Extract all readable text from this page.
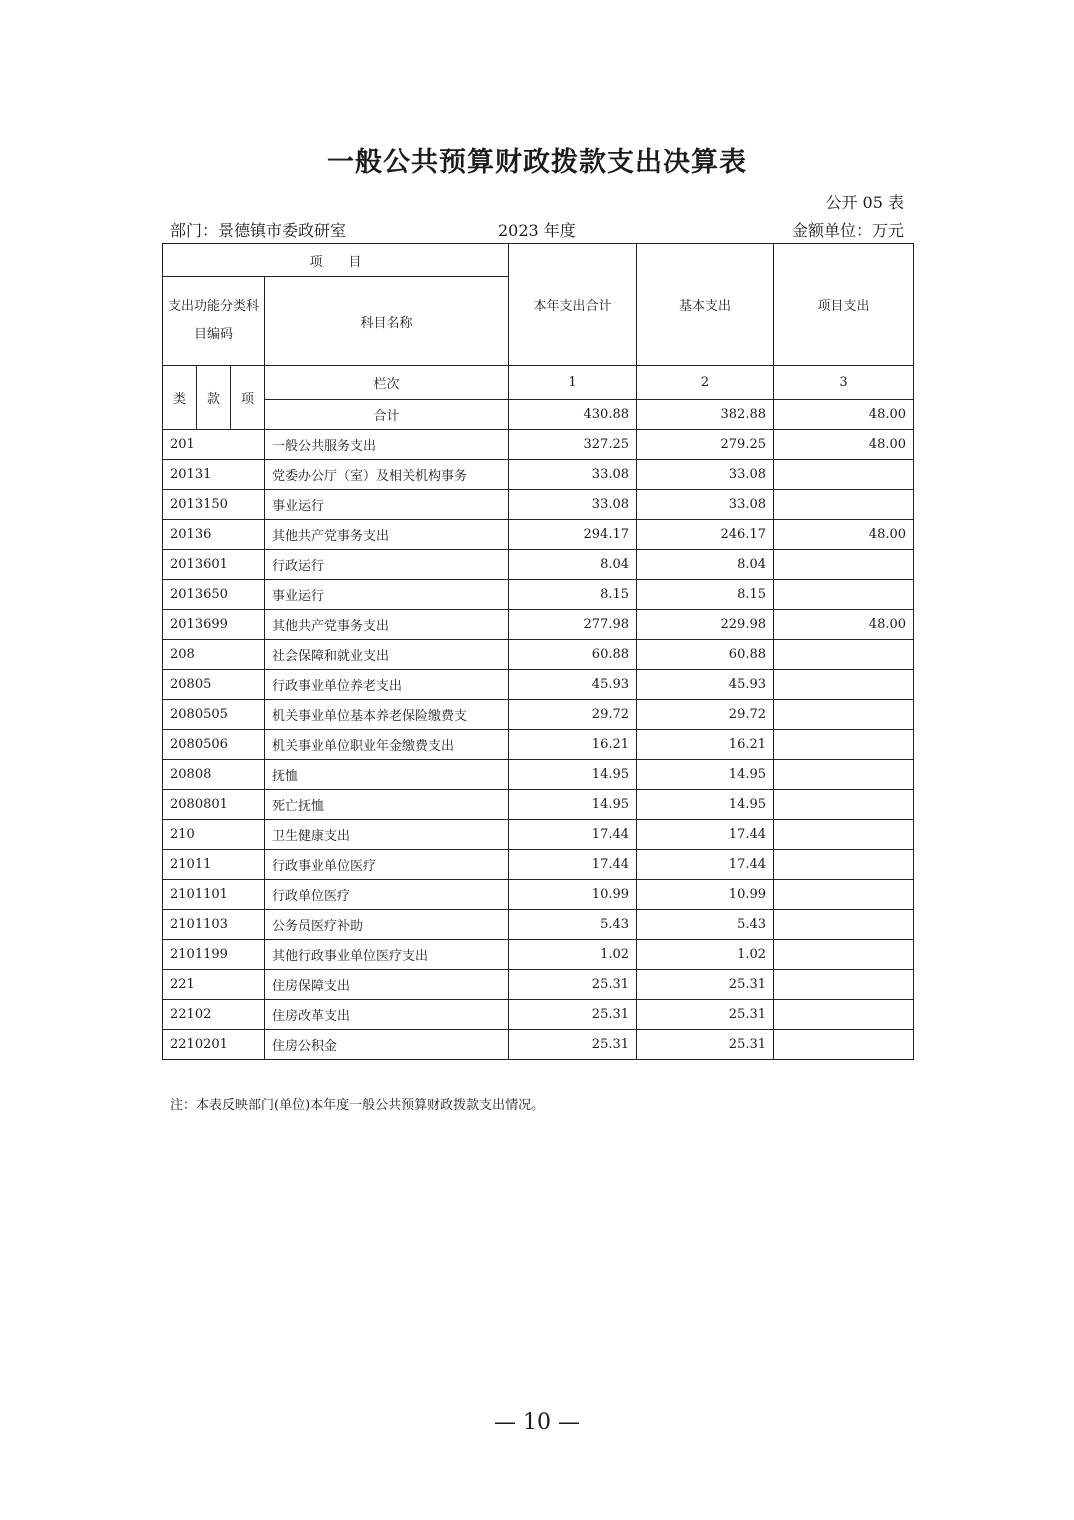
一般公共预算财政拨款支出决算表
公开 05 表
部门：景德镇市委政研室	2023 年度	金额单位：万元
项　　目				本年支出合计	基本支出	项目支出

支出功能分类科目编码			科目名称			
类	款	项	栏次	1	2	3
			合计	430.88	382.88	48.00
201			一般公共服务支出	327.25	279.25	48.00
20131			党委办公厅（室）及相关机构事务	33.08	33.08	
2013150			事业运行	33.08	33.08	
20136			其他共产党事务支出	294.17	246.17	48.00
2013601			行政运行	8.04	8.04	
2013650			事业运行	8.15	8.15	
2013699			其他共产党事务支出	277.98	229.98	48.00
208			社会保障和就业支出	60.88	60.88	
20805			行政事业单位养老支出	45.93	45.93	
2080505			机关事业单位基本养老保险缴费支	29.72	29.72	
2080506			机关事业单位职业年金缴费支出	16.21	16.21	
20808			抚恤	14.95	14.95	
2080801			死亡抚恤	14.95	14.95	
210			卫生健康支出	17.44	17.44	
21011			行政事业单位医疗	17.44	17.44	
2101101			行政单位医疗	10.99	10.99	
2101103			公务员医疗补助	5.43	5.43	
2101199			其他行政事业单位医疗支出	1.02	1.02	
221			住房保障支出	25.31	25.31	
22102			住房改革支出	25.31	25.31	
2210201			住房公积金	25.31	25.31	
注：本表反映部门(单位)本年度一般公共预算财政拨款支出情况。
— 10 —
